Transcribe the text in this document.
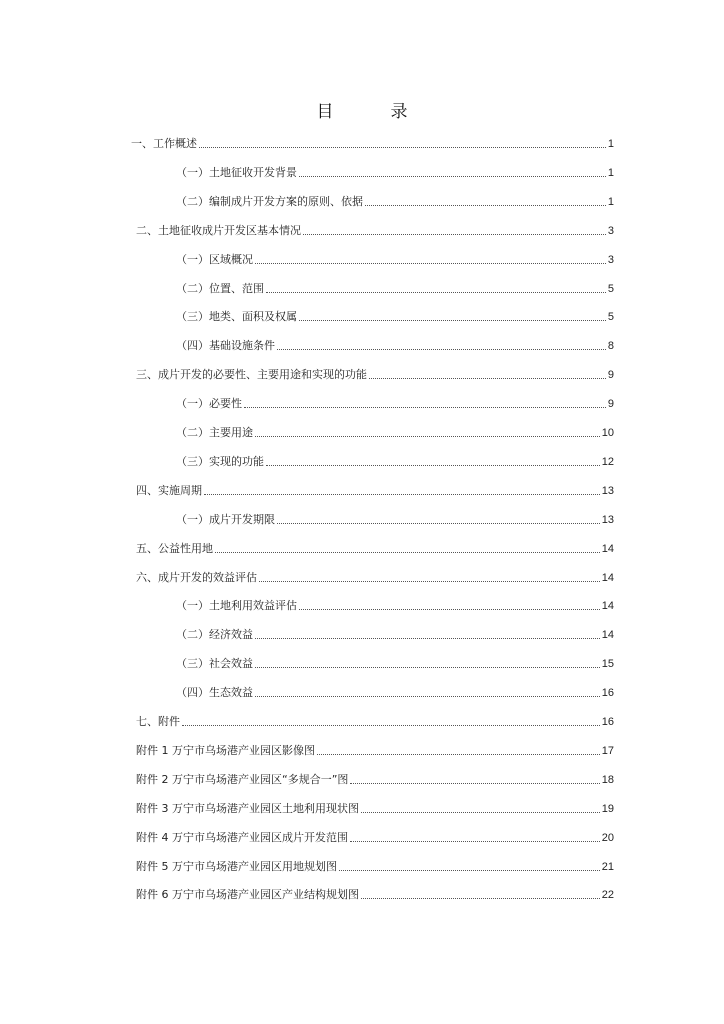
目　录
一、工作概述	1
（一）土地征收开发背景	1
（二）编制成片开发方案的原则、依据	1
二、土地征收成片开发区基本情况	3
（一）区域概况	3
（二）位置、范围	5
（三）地类、面积及权属	5
（四）基础设施条件	8
三、成片开发的必要性、主要用途和实现的功能	9
（一）必要性	9
（二）主要用途	10
（三）实现的功能	12
四、实施周期	13
（一）成片开发期限	13
五、公益性用地	14
六、成片开发的效益评估	14
（一）土地利用效益评估	14
（二）经济效益	14
（三）社会效益	15
（四）生态效益	16
七、附件	16
附件 1 万宁市乌场港产业园区影像图	17
附件 2 万宁市乌场港产业园区“多规合一”图	18
附件 3 万宁市乌场港产业园区土地利用现状图	19
附件 4 万宁市乌场港产业园区成片开发范围	20
附件 5 万宁市乌场港产业园区用地规划图	21
附件 6 万宁市乌场港产业园区产业结构规划图	22
